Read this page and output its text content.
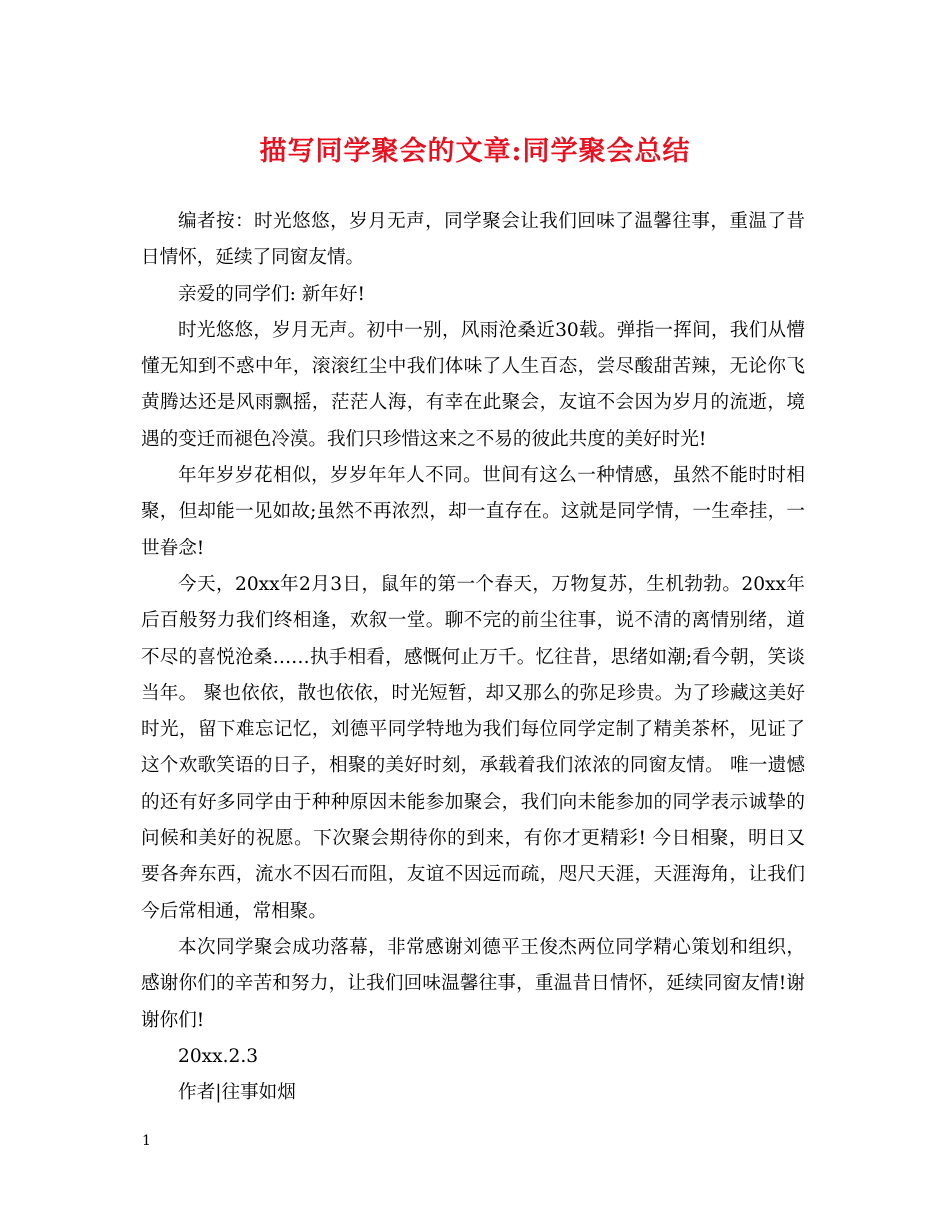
描写同学聚会的文章:同学聚会总结

编者按：时光悠悠，岁月无声，同学聚会让我们回味了温馨往事，重温了昔日情怀，延续了同窗友情。

亲爱的同学们: 新年好!

时光悠悠，岁月无声。初中一别，风雨沧桑近30载。弹指一挥间，我们从懵懂无知到不惑中年，滚滚红尘中我们体味了人生百态，尝尽酸甜苦辣，无论你飞黄腾达还是风雨飘摇，茫茫人海，有幸在此聚会，友谊不会因为岁月的流逝，境遇的变迁而褪色冷漠。我们只珍惜这来之不易的彼此共度的美好时光!

年年岁岁花相似，岁岁年年人不同。世间有这么一种情感，虽然不能时时相聚，但却能一见如故;虽然不再浓烈，却一直存在。这就是同学情，一生牵挂，一世眷念!

今天，20xx年2月3日，鼠年的第一个春天，万物复苏，生机勃勃。20xx年后百般努力我们终相逢，欢叙一堂。聊不完的前尘往事，说不清的离情别绪，道不尽的喜悦沧桑……执手相看，感慨何止万千。忆往昔，思绪如潮;看今朝，笑谈当年。 聚也依依，散也依依，时光短暂，却又那么的弥足珍贵。为了珍藏这美好时光，留下难忘记忆，刘德平同学特地为我们每位同学定制了精美茶杯，见证了这个欢歌笑语的日子，相聚的美好时刻，承载着我们浓浓的同窗友情。 唯一遗憾的还有好多同学由于种种原因未能参加聚会，我们向未能参加的同学表示诚挚的问候和美好的祝愿。下次聚会期待你的到来，有你才更精彩! 今日相聚，明日又要各奔东西，流水不因石而阻，友谊不因远而疏，咫尺天涯，天涯海角，让我们今后常相通，常相聚。

本次同学聚会成功落幕，非常感谢刘德平王俊杰两位同学精心策划和组织，感谢你们的辛苦和努力，让我们回味温馨往事，重温昔日情怀，延续同窗友情!谢谢你们!

20xx.2.3

作者|往事如烟

1
